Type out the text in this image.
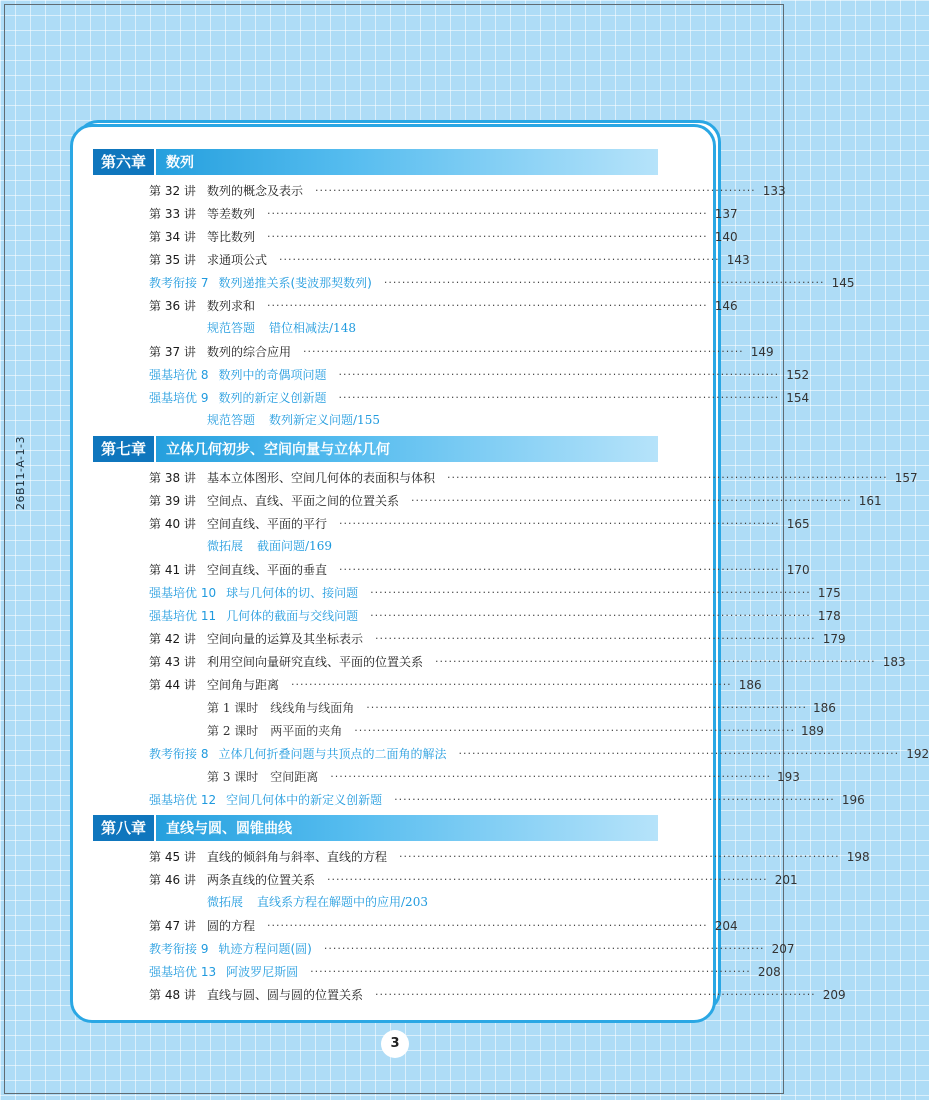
26B11-A-1-3
第六章	数列
第 32 讲 数列的概念及表示 ·································································································· 133
第 33 讲 等差数列 ·································································································· 137
第 34 讲 等比数列 ·································································································· 140
第 35 讲 求通项公式 ·································································································· 143
教考衔接 7 数列递推关系(斐波那契数列) ·································································································· 145
第 36 讲 数列求和 ·································································································· 146
规范答题 错位相减法/148
第 37 讲 数列的综合应用 ·································································································· 149
强基培优 8 数列中的奇偶项问题 ·································································································· 152
强基培优 9 数列的新定义创新题 ·································································································· 154
规范答题 数列新定义问题/155
第七章	立体几何初步、空间向量与立体几何
第 38 讲 基本立体图形、空间几何体的表面积与体积 ·································································································· 157
第 39 讲 空间点、直线、平面之间的位置关系 ·································································································· 161
第 40 讲 空间直线、平面的平行 ·································································································· 165
微拓展 截面问题/169
第 41 讲 空间直线、平面的垂直 ·································································································· 170
强基培优 10 球与几何体的切、接问题 ·································································································· 175
强基培优 11 几何体的截面与交线问题 ·································································································· 178
第 42 讲 空间向量的运算及其坐标表示 ·································································································· 179
第 43 讲 利用空间向量研究直线、平面的位置关系 ·································································································· 183
第 44 讲 空间角与距离 ·································································································· 186
第 1 课时 线线角与线面角 ·································································································· 186
第 2 课时 两平面的夹角 ·································································································· 189
教考衔接 8 立体几何折叠问题与共顶点的二面角的解法 ·································································································· 192
第 3 课时 空间距离 ·································································································· 193
强基培优 12 空间几何体中的新定义创新题 ·································································································· 196
第八章	直线与圆、圆锥曲线
第 45 讲 直线的倾斜角与斜率、直线的方程 ·································································································· 198
第 46 讲 两条直线的位置关系 ·································································································· 201
微拓展 直线系方程在解题中的应用/203
第 47 讲 圆的方程 ·································································································· 204
教考衔接 9 轨迹方程问题(圆) ·································································································· 207
强基培优 13 阿波罗尼斯圆 ·································································································· 208
第 48 讲 直线与圆、圆与圆的位置关系 ·································································································· 209
3
